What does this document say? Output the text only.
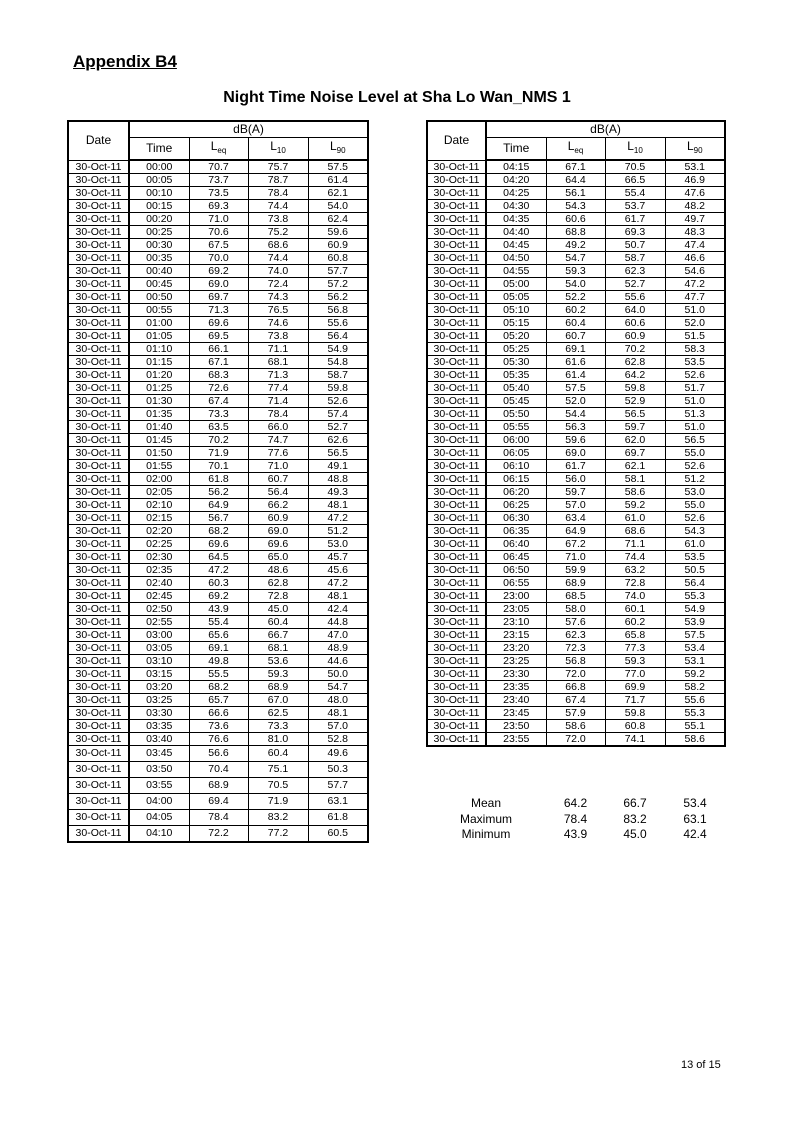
Appendix B4
Night Time Noise Level at Sha Lo Wan_NMS 1
Date	dB(A)			
	Time	$L_{eq}$	$L_{10}$	$L_{90}$
30-Oct-11	00:00	70.7	75.7	57.5
30-Oct-11	00:05	73.7	78.7	61.4
30-Oct-11	00:10	73.5	78.4	62.1
30-Oct-11	00:15	69.3	74.4	54.0
30-Oct-11	00:20	71.0	73.8	62.4
30-Oct-11	00:25	70.6	75.2	59.6
30-Oct-11	00:30	67.5	68.6	60.9
30-Oct-11	00:35	70.0	74.4	60.8
30-Oct-11	00:40	69.2	74.0	57.7
30-Oct-11	00:45	69.0	72.4	57.2
30-Oct-11	00:50	69.7	74.3	56.2
30-Oct-11	00:55	71.3	76.5	56.8
30-Oct-11	01:00	69.6	74.6	55.6
30-Oct-11	01:05	69.5	73.8	56.4
30-Oct-11	01:10	66.1	71.1	54.9
30-Oct-11	01:15	67.1	68.1	54.8
30-Oct-11	01:20	68.3	71.3	58.7
30-Oct-11	01:25	72.6	77.4	59.8
30-Oct-11	01:30	67.4	71.4	52.6
30-Oct-11	01:35	73.3	78.4	57.4
30-Oct-11	01:40	63.5	66.0	52.7
30-Oct-11	01:45	70.2	74.7	62.6
30-Oct-11	01:50	71.9	77.6	56.5
30-Oct-11	01:55	70.1	71.0	49.1
30-Oct-11	02:00	61.8	60.7	48.8
30-Oct-11	02:05	56.2	56.4	49.3
30-Oct-11	02:10	64.9	66.2	48.1
30-Oct-11	02:15	56.7	60.9	47.2
30-Oct-11	02:20	68.2	69.0	51.2
30-Oct-11	02:25	69.6	69.6	53.0
30-Oct-11	02:30	64.5	65.0	45.7
30-Oct-11	02:35	47.2	48.6	45.6
30-Oct-11	02:40	60.3	62.8	47.2
30-Oct-11	02:45	69.2	72.8	48.1
30-Oct-11	02:50	43.9	45.0	42.4
30-Oct-11	02:55	55.4	60.4	44.8
30-Oct-11	03:00	65.6	66.7	47.0
30-Oct-11	03:05	69.1	68.1	48.9
30-Oct-11	03:10	49.8	53.6	44.6
30-Oct-11	03:15	55.5	59.3	50.0
30-Oct-11	03:20	68.2	68.9	54.7
30-Oct-11	03:25	65.7	67.0	48.0
30-Oct-11	03:30	66.6	62.5	48.1
30-Oct-11	03:35	73.6	73.3	57.0
30-Oct-11	03:40	76.6	81.0	52.8
30-Oct-11	03:45	56.6	60.4	49.6
30-Oct-11	03:50	70.4	75.1	50.3
30-Oct-11	03:55	68.9	70.5	57.7
30-Oct-11	04:00	69.4	71.9	63.1
30-Oct-11	04:05	78.4	83.2	61.8
30-Oct-11	04:10	72.2	77.2	60.5
Date	dB(A)			
	Time	$L_{eq}$	$L_{10}$	$L_{90}$
30-Oct-11	04:15	67.1	70.5	53.1
30-Oct-11	04:20	64.4	66.5	46.9
30-Oct-11	04:25	56.1	55.4	47.6
30-Oct-11	04:30	54.3	53.7	48.2
30-Oct-11	04:35	60.6	61.7	49.7
30-Oct-11	04:40	68.8	69.3	48.3
30-Oct-11	04:45	49.2	50.7	47.4
30-Oct-11	04:50	54.7	58.7	46.6
30-Oct-11	04:55	59.3	62.3	54.6
30-Oct-11	05:00	54.0	52.7	47.2
30-Oct-11	05:05	52.2	55.6	47.7
30-Oct-11	05:10	60.2	64.0	51.0
30-Oct-11	05:15	60.4	60.6	52.0
30-Oct-11	05:20	60.7	60.9	51.5
30-Oct-11	05:25	69.1	70.2	58.3
30-Oct-11	05:30	61.6	62.8	53.5
30-Oct-11	05:35	61.4	64.2	52.6
30-Oct-11	05:40	57.5	59.8	51.7
30-Oct-11	05:45	52.0	52.9	51.0
30-Oct-11	05:50	54.4	56.5	51.3
30-Oct-11	05:55	56.3	59.7	51.0
30-Oct-11	06:00	59.6	62.0	56.5
30-Oct-11	06:05	69.0	69.7	55.0
30-Oct-11	06:10	61.7	62.1	52.6
30-Oct-11	06:15	56.0	58.1	51.2
30-Oct-11	06:20	59.7	58.6	53.0
30-Oct-11	06:25	57.0	59.2	55.0
30-Oct-11	06:30	63.4	61.0	52.6
30-Oct-11	06:35	64.9	68.6	54.3
30-Oct-11	06:40	67.2	71.1	61.0
30-Oct-11	06:45	71.0	74.4	53.5
30-Oct-11	06:50	59.9	63.2	50.5
30-Oct-11	06:55	68.9	72.8	56.4
30-Oct-11	23:00	68.5	74.0	55.3
30-Oct-11	23:05	58.0	60.1	54.9
30-Oct-11	23:10	57.6	60.2	53.9
30-Oct-11	23:15	62.3	65.8	57.5
30-Oct-11	23:20	72.3	77.3	53.4
30-Oct-11	23:25	56.8	59.3	53.1
30-Oct-11	23:30	72.0	77.0	59.2
30-Oct-11	23:35	66.8	69.9	58.2
30-Oct-11	23:40	67.4	71.7	55.6
30-Oct-11	23:45	57.9	59.8	55.3
30-Oct-11	23:50	58.6	60.8	55.1
30-Oct-11	23:55	72.0	74.1	58.6
Mean	64.2	66.7	53.4
Maximum	78.4	83.2	63.1
Minimum	43.9	45.0	42.4
13 of 15
